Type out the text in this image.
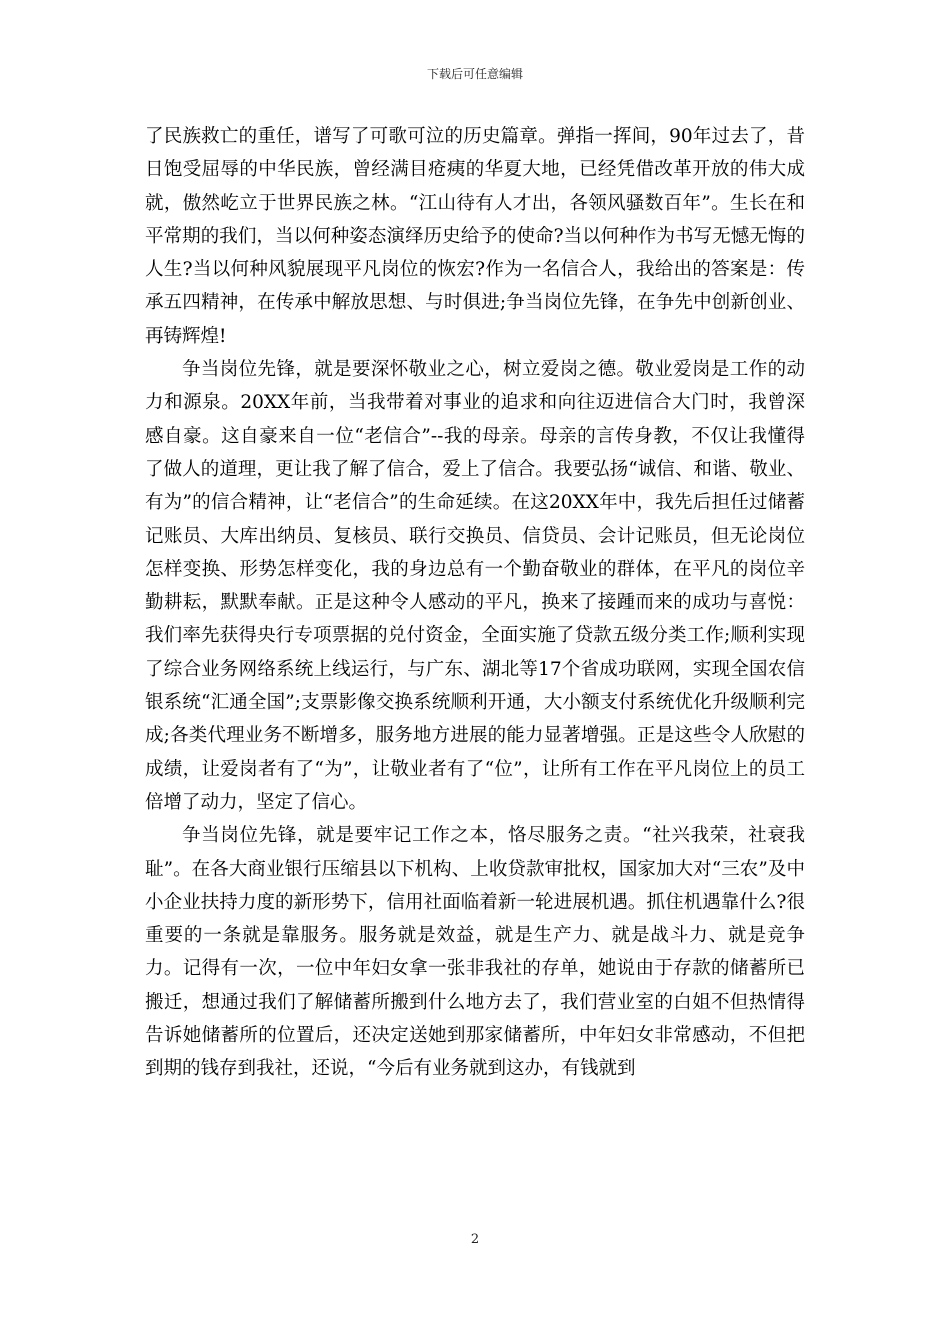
下载后可任意编辑

了民族救亡的重任，谱写了可歌可泣的历史篇章。弹指一挥间，90年过去了，昔日饱受屈辱的中华民族，曾经满目疮痍的华夏大地，已经凭借改革开放的伟大成就，傲然屹立于世界民族之林。“江山待有人才出，各领风骚数百年”。生长在和平常期的我们，当以何种姿态演绎历史给予的使命?当以何种作为书写无憾无悔的人生?当以何种风貌展现平凡岗位的恢宏?作为一名信合人，我给出的答案是：传承五四精神，在传承中解放思想、与时俱进;争当岗位先锋，在争先中创新创业、再铸辉煌!

争当岗位先锋，就是要深怀敬业之心，树立爱岗之德。敬业爱岗是工作的动力和源泉。20XX年前，当我带着对事业的追求和向往迈进信合大门时，我曾深感自豪。这自豪来自一位“老信合”--我的母亲。母亲的言传身教，不仅让我懂得了做人的道理，更让我了解了信合，爱上了信合。我要弘扬“诚信、和谐、敬业、有为”的信合精神，让“老信合”的生命延续。在这20XX年中，我先后担任过储蓄记账员、大库出纳员、复核员、联行交换员、信贷员、会计记账员，但无论岗位怎样变换、形势怎样变化，我的身边总有一个勤奋敬业的群体，在平凡的岗位辛勤耕耘，默默奉献。正是这种令人感动的平凡，换来了接踵而来的成功与喜悦：我们率先获得央行专项票据的兑付资金，全面实施了贷款五级分类工作;顺利实现了综合业务网络系统上线运行，与广东、湖北等17个省成功联网，实现全国农信银系统“汇通全国”;支票影像交换系统顺利开通，大小额支付系统优化升级顺利完成;各类代理业务不断增多，服务地方进展的能力显著增强。正是这些令人欣慰的成绩，让爱岗者有了“为”，让敬业者有了“位”，让所有工作在平凡岗位上的员工倍增了动力，坚定了信心。

争当岗位先锋，就是要牢记工作之本，恪尽服务之责。“社兴我荣，社衰我耻”。在各大商业银行压缩县以下机构、上收贷款审批权，国家加大对“三农”及中小企业扶持力度的新形势下，信用社面临着新一轮进展机遇。抓住机遇靠什么?很重要的一条就是靠服务。服务就是效益，就是生产力、就是战斗力、就是竞争力。记得有一次，一位中年妇女拿一张非我社的存单，她说由于存款的储蓄所已搬迁，想通过我们了解储蓄所搬到什么地方去了，我们营业室的白姐不但热情得告诉她储蓄所的位置后，还决定送她到那家储蓄所，中年妇女非常感动，不但把到期的钱存到我社，还说，“今后有业务就到这办，有钱就到

2
